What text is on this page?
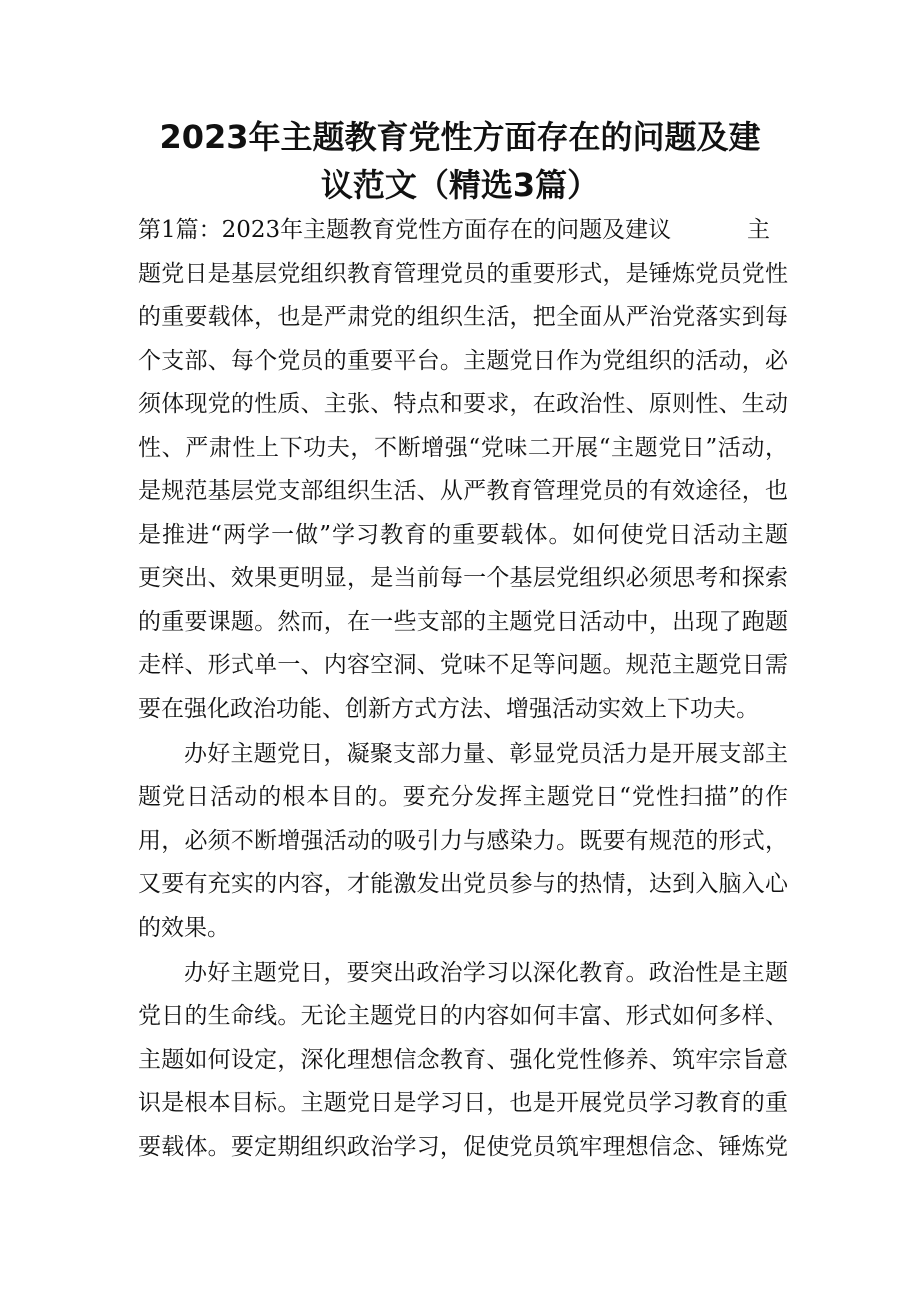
2023年主题教育党性方面存在的问题及建
议范文（精选3篇）
第1篇：2023年主题教育党性方面存在的问题及建议	主
题党日是基层党组织教育管理党员的重要形式，是锤炼党员党性
的重要载体，也是严肃党的组织生活，把全面从严治党落实到每
个支部、每个党员的重要平台。主题党日作为党组织的活动，必
须体现党的性质、主张、特点和要求，在政治性、原则性、生动
性、严肃性上下功夫，不断增强“党味二开展“主题党日”活动，
是规范基层党支部组织生活、从严教育管理党员的有效途径，也
是推进“两学一做”学习教育的重要载体。如何使党日活动主题
更突出、效果更明显，是当前每一个基层党组织必须思考和探索
的重要课题。然而，在一些支部的主题党日活动中，出现了跑题
走样、形式单一、内容空洞、党味不足等问题。规范主题党日需
要在强化政治功能、创新方式方法、增强活动实效上下功夫。
办好主题党日，凝聚支部力量、彰显党员活力是开展支部主
题党日活动的根本目的。要充分发挥主题党日“党性扫描”的作
用，必须不断增强活动的吸引力与感染力。既要有规范的形式，
又要有充实的内容，才能激发出党员参与的热情，达到入脑入心
的效果。
办好主题党日，要突出政治学习以深化教育。政治性是主题
党日的生命线。无论主题党日的内容如何丰富、形式如何多样、
主题如何设定，深化理想信念教育、强化党性修养、筑牢宗旨意
识是根本目标。主题党日是学习日，也是开展党员学习教育的重
要载体。要定期组织政治学习，促使党员筑牢理想信念、锤炼党
